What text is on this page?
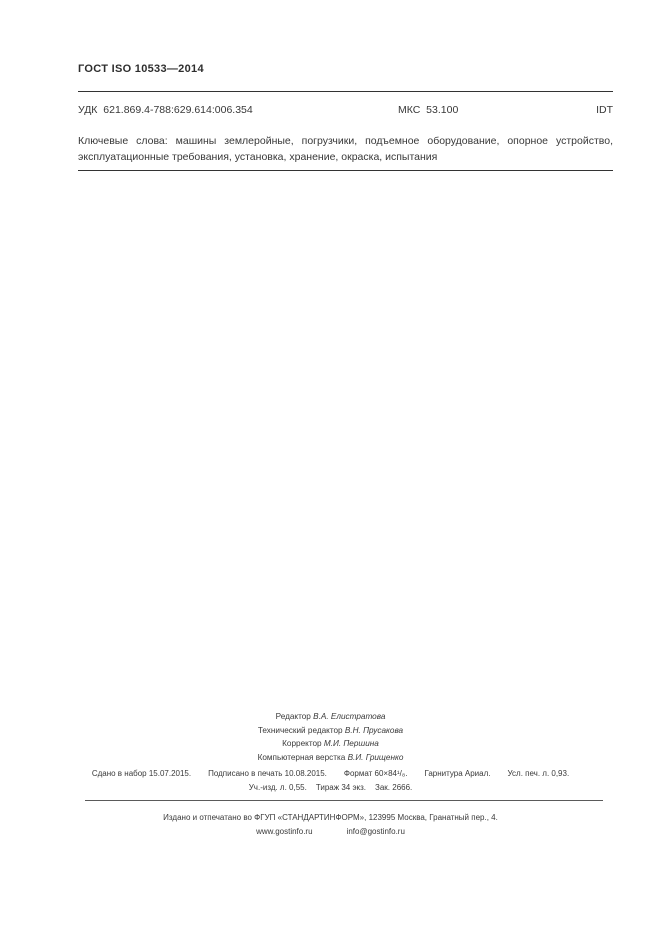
ГОСТ ISO 10533—2014
УДК  621.869.4-788:629.614:006.354	МКС  53.100	IDT
Ключевые слова: машины землеройные, погрузчики, подъемное оборудование, опорное устройство, эксплуатационные требования, установка, хранение, окраска, испытания
Редактор В.А. Елистратова
Технический редактор В.Н. Прусакова
Корректор М.И. Першина
Компьютерная верстка В.И. Грищенко
Сдано в набор 15.07.2015. Подписано в печать 10.08.2015. Формат 60×84¹/₈. Гарнитура Ариал. Усл. печ. л. 0,93.
Уч.-изд. л. 0,55. Тираж 34 экз. Зак. 2666.
Издано и отпечатано во ФГУП «СТАНДАРТИНФОРМ», 123995 Москва, Гранатный пер., 4.
www.gostinfo.ru	info@gostinfo.ru
